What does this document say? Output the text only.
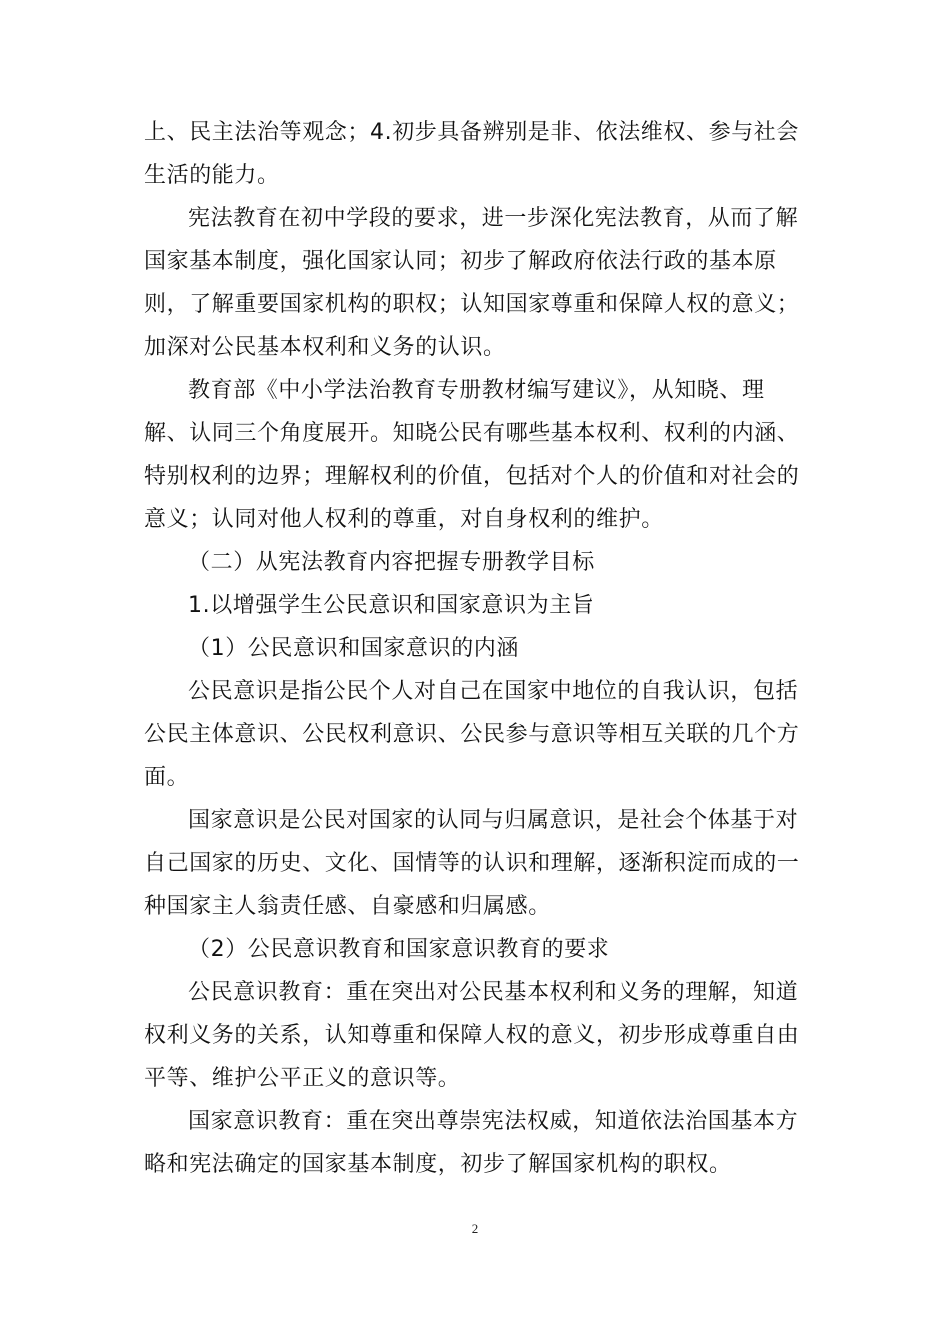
上、民主法治等观念；4.初步具备辨别是非、依法维权、参与社会
生活的能力。
宪法教育在初中学段的要求，进一步深化宪法教育，从而了解
国家基本制度，强化国家认同；初步了解政府依法行政的基本原
则，了解重要国家机构的职权；认知国家尊重和保障人权的意义；
加深对公民基本权利和义务的认识。
教育部《中小学法治教育专册教材编写建议》，从知晓、理
解、认同三个角度展开。知晓公民有哪些基本权利、权利的内涵、
特别权利的边界；理解权利的价值，包括对个人的价值和对社会的
意义；认同对他人权利的尊重，对自身权利的维护。
（二）从宪法教育内容把握专册教学目标
1.以增强学生公民意识和国家意识为主旨
（1）公民意识和国家意识的内涵
公民意识是指公民个人对自己在国家中地位的自我认识，包括
公民主体意识、公民权利意识、公民参与意识等相互关联的几个方
面。
国家意识是公民对国家的认同与归属意识，是社会个体基于对
自己国家的历史、文化、国情等的认识和理解，逐渐积淀而成的一
种国家主人翁责任感、自豪感和归属感。
（2）公民意识教育和国家意识教育的要求
公民意识教育：重在突出对公民基本权利和义务的理解，知道
权利义务的关系，认知尊重和保障人权的意义，初步形成尊重自由
平等、维护公平正义的意识等。
国家意识教育：重在突出尊崇宪法权威，知道依法治国基本方
略和宪法确定的国家基本制度，初步了解国家机构的职权。
2
